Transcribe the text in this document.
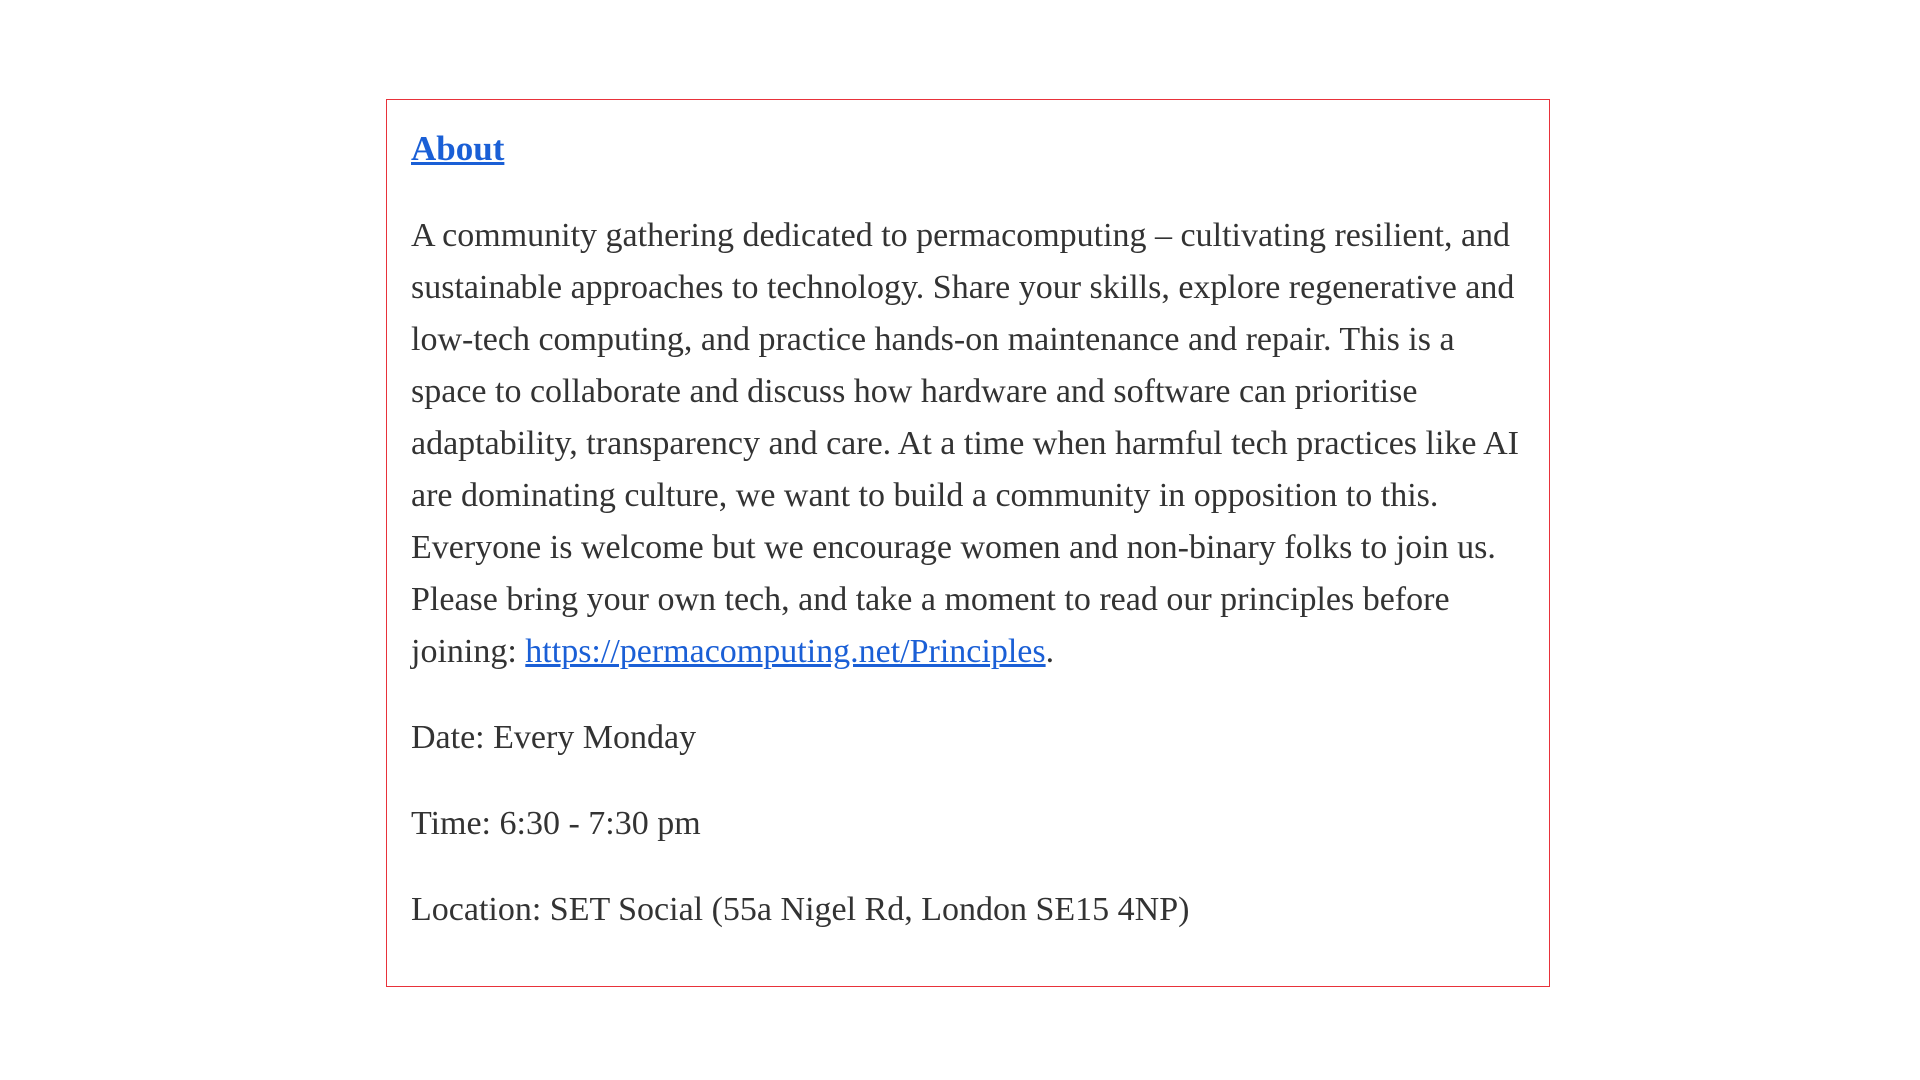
About

A community gathering dedicated to permacomputing – cultivating resilient, and sustainable approaches to technology. Share your skills, explore regenerative and low-tech computing, and practice hands-on maintenance and repair. This is a space to collaborate and discuss how hardware and software can prioritise adaptability, transparency and care. At a time when harmful tech practices like AI are dominating culture, we want to build a community in opposition to this. Everyone is welcome but we encourage women and non-binary folks to join us. Please bring your own tech, and take a moment to read our principles before joining: https://permacomputing.net/Principles.

Date: Every Monday

Time: 6:30 - 7:30 pm

Location: SET Social (55a Nigel Rd, London SE15 4NP)
